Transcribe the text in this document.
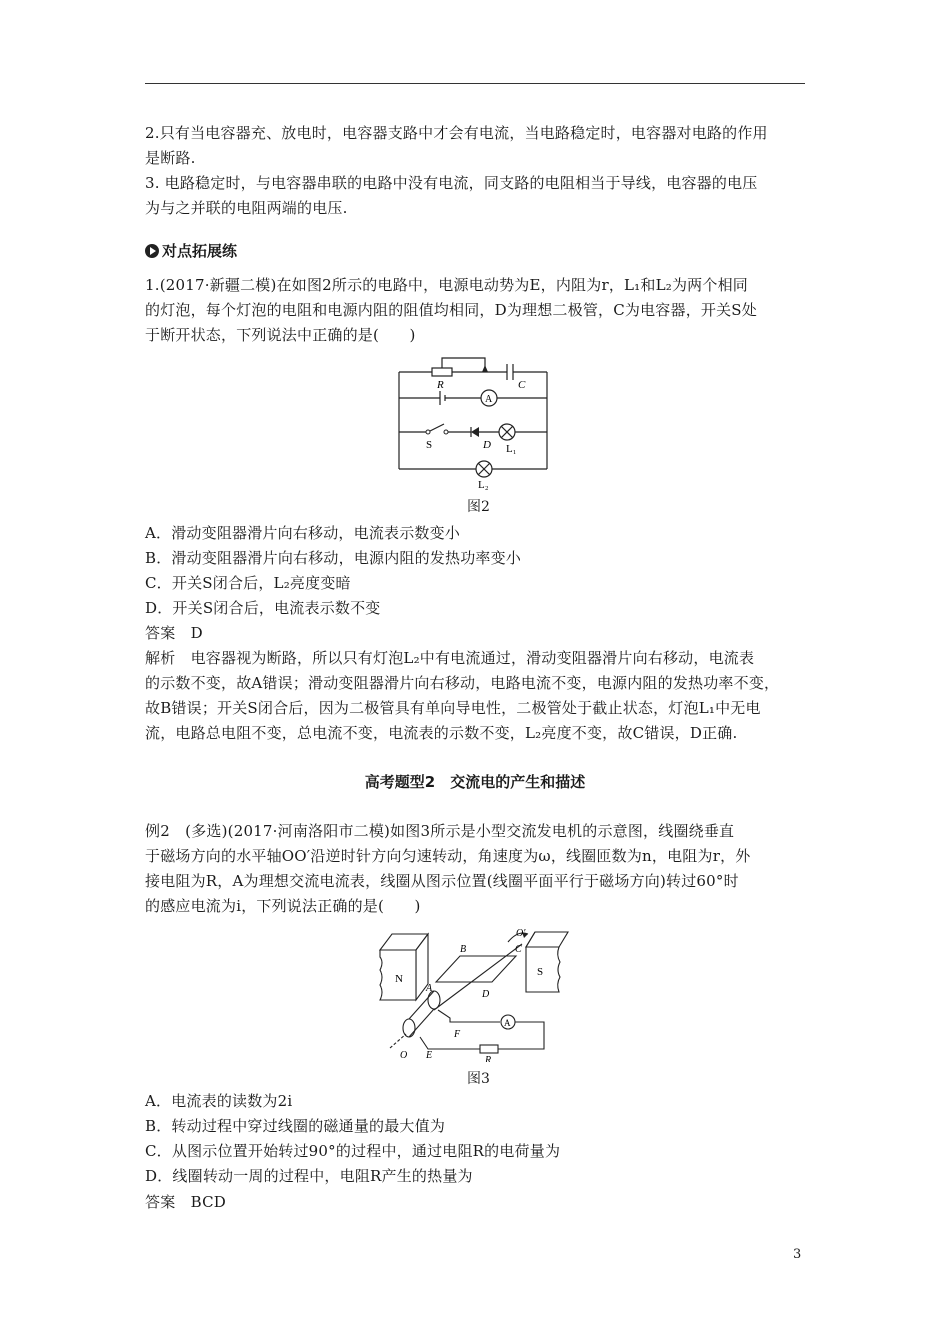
2.只有当电容器充、放电时，电容器支路中才会有电流，当电路稳定时，电容器对电路的作用
是断路.
3. 电路稳定时，与电容器串联的电路中没有电流，同支路的电阻相当于导线，电容器的电压
为与之并联的电阻两端的电压.
对点拓展练
1.(2017·新疆二模)在如图2所示的电路中，电源电动势为E，内阻为r，L₁和L₂为两个相同
的灯泡，每个灯泡的电阻和电源内阻的阻值均相同，D为理想二极管，C为电容器，开关S处
于断开状态，下列说法中正确的是(　　)
R	C
A
S	D L₁
L₂
图2
A．滑动变阻器滑片向右移动，电流表示数变小
B．滑动变阻器滑片向右移动，电源内阻的发热功率变小
C．开关S闭合后，L₂亮度变暗
D．开关S闭合后，电流表示数不变
答案　D
解析　电容器视为断路，所以只有灯泡L₂中有电流通过，滑动变阻器滑片向右移动，电流表
的示数不变，故A错误；滑动变阻器滑片向右移动，电路电流不变，电源内阻的发热功率不变，
故B错误；开关S闭合后，因为二极管具有单向导电性，二极管处于截止状态，灯泡L₁中无电
流，电路总电阻不变，总电流不变，电流表的示数不变，L₂亮度不变，故C错误，D正确.
高考题型2　交流电的产生和描述
例2　(多选)(2017·河南洛阳市二模)如图3所示是小型交流发电机的示意图，线圈绕垂直
于磁场方向的水平轴OO′沿逆时针方向匀速转动，角速度为ω，线圈匝数为n，电阻为r，外
接电阻为R，A为理想交流电流表，线圈从图示位置(线圈平面平行于磁场方向)转过60°时
的感应电流为i，下列说法正确的是(　　)
N
S
A
B	C
D
E
F
O
O′
A
R
图3
A．电流表的读数为2i
B．转动过程中穿过线圈的磁通量的最大值为
C．从图示位置开始转过90°的过程中，通过电阻R的电荷量为
D．线圈转动一周的过程中，电阻R产生的热量为
答案　BCD
3
